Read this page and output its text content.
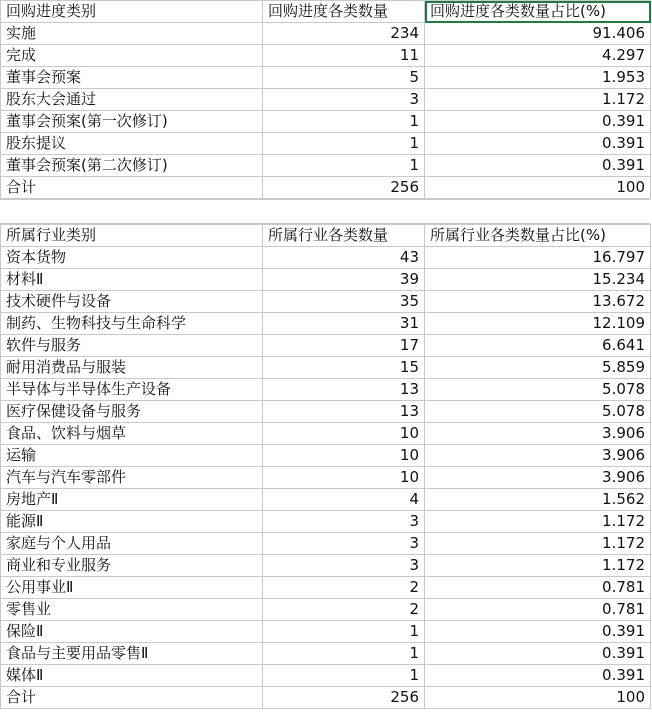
回购进度类别	回购进度各类数量	回购进度各类数量占比(%)
实施	234	91.406
完成	11	4.297
董事会预案	5	1.953
股东大会通过	3	1.172
董事会预案(第一次修订)	1	0.391
股东提议	1	0.391
董事会预案(第二次修订)	1	0.391
合计	256	100

所属行业类别	所属行业各类数量	所属行业各类数量占比(%)
资本货物	43	16.797
材料Ⅱ	39	15.234
技术硬件与设备	35	13.672
制药、生物科技与生命科学	31	12.109
软件与服务	17	6.641
耐用消费品与服装	15	5.859
半导体与半导体生产设备	13	5.078
医疗保健设备与服务	13	5.078
食品、饮料与烟草	10	3.906
运输	10	3.906
汽车与汽车零部件	10	3.906
房地产Ⅱ	4	1.562
能源Ⅱ	3	1.172
家庭与个人用品	3	1.172
商业和专业服务	3	1.172
公用事业Ⅱ	2	0.781
零售业	2	0.781
保险Ⅱ	1	0.391
食品与主要用品零售Ⅱ	1	0.391
媒体Ⅱ	1	0.391
合计	256	100
